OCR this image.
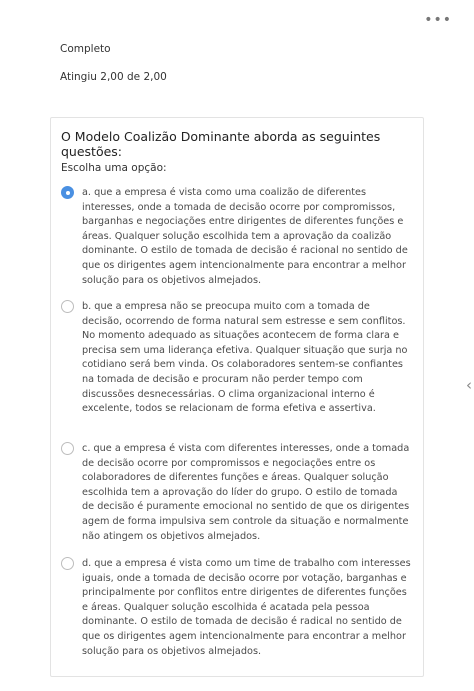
•••
Completo
Atingiu 2,00 de 2,00
O Modelo Coalizão Dominante aborda as seguintes questões:
Escolha uma opção:
a. que a empresa é vista como uma coalizão de diferentes interesses, onde a tomada de decisão ocorre por compromissos, barganhas e negociações entre dirigentes de diferentes funções e áreas. Qualquer solução escolhida tem a aprovação da coalizão dominante. O estilo de tomada de decisão é racional no sentido de que os dirigentes agem intencionalmente para encontrar a melhor solução para os objetivos almejados.
b. que a empresa não se preocupa muito com a tomada de decisão, ocorrendo de forma natural sem estresse e sem conflitos. No momento adequado as situações acontecem de forma clara e precisa sem uma liderança efetiva. Qualquer situação que surja no cotidiano será bem vinda. Os colaboradores sentem-se confiantes na tomada de decisão e procuram não perder tempo com discussões desnecessárias. O clima organizacional interno é excelente, todos se relacionam de forma efetiva e assertiva.
c. que a empresa é vista com diferentes interesses, onde a tomada de decisão ocorre por compromissos e negociações entre os colaboradores de diferentes funções e áreas. Qualquer solução escolhida tem a aprovação do líder do grupo. O estilo de tomada de decisão é puramente emocional no sentido de que os dirigentes agem de forma impulsiva sem controle da situação e normalmente não atingem os objetivos almejados.
d. que a empresa é vista como um time de trabalho com interesses iguais, onde a tomada de decisão ocorre por votação, barganhas e principalmente por conflitos entre dirigentes de diferentes funções e áreas. Qualquer solução escolhida é acatada pela pessoa dominante. O estilo de tomada de decisão é radical no sentido de que os dirigentes agem intencionalmente para encontrar a melhor solução para os objetivos almejados.
‹
